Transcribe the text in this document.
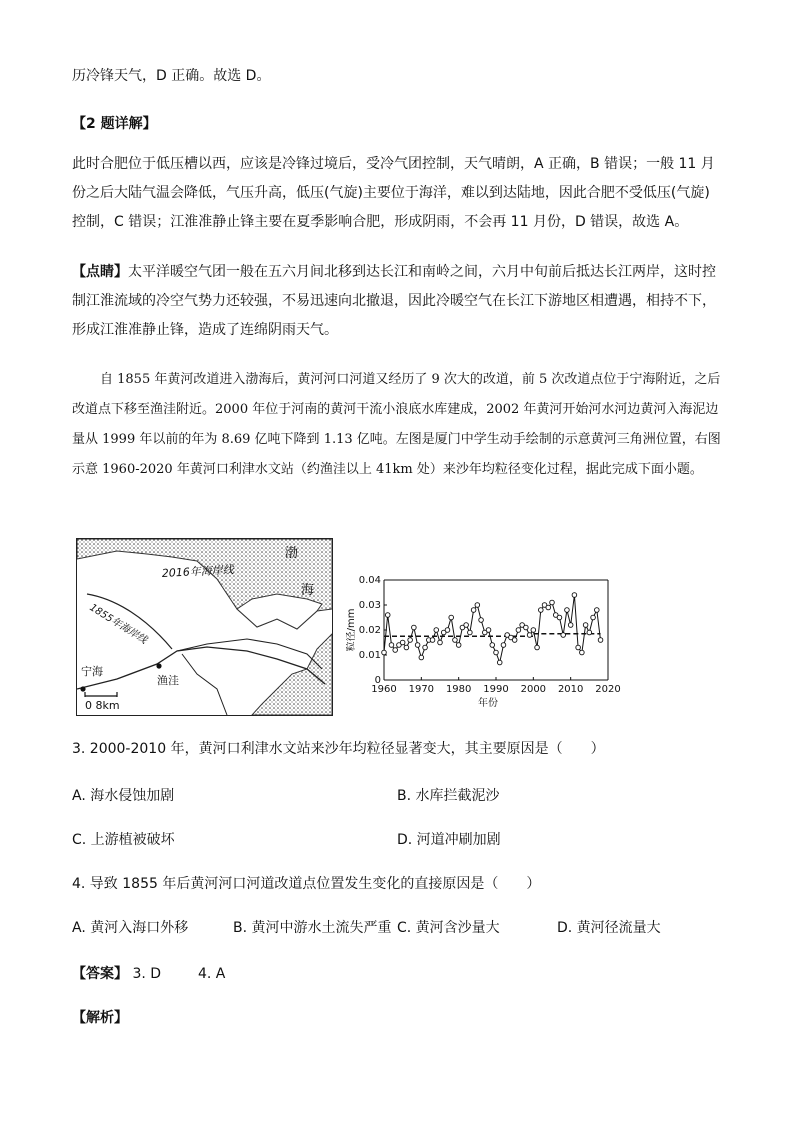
历冷锋天气，D 正确。故选 D。
【2 题详解】
此时合肥位于低压槽以西，应该是冷锋过境后，受冷气团控制，天气晴朗，A 正确，B 错误；一般 11 月份之后大陆气温会降低，气压升高，低压(气旋)主要位于海洋，难以到达陆地，因此合肥不受低压(气旋)控制，C 错误；江淮准静止锋主要在夏季影响合肥，形成阴雨，不会再 11 月份，D 错误，故选 A。
【点睛】太平洋暖空气团一般在五六月间北移到达长江和南岭之间，六月中旬前后抵达长江两岸，这时控制江淮流域的冷空气势力还较强，不易迅速向北撤退，因此冷暖空气在长江下游地区相遭遇，相持不下，形成江淮准静止锋，造成了连绵阴雨天气。
自 1855 年黄河改道进入渤海后，黄河河口河道又经历了 9 次大的改道，前 5 次改道点位于宁海附近，之后改道点下移至渔洼附近。2000 年位于河南的黄河干流小浪底水库建成，2002 年黄河开始河水河边黄河入海泥边量从 1999 年以前的年为 8.69 亿吨下降到 1.13 亿吨。左图是厦门中学生动手绘制的示意黄河三角洲位置，右图示意 1960-2020 年黄河口利津水文站（约渔洼以上 41km 处）来沙年均粒径变化过程，据此完成下面小题。
渤
海
2016年海岸线
1855年海岸线
宁海
渔洼
0 8km
1960 1970 1980 1990 2000 2010 2020
0
0.01
0.02
0.03
0.04
粒径/mm
年份
3. 2000-2010 年，黄河口利津水文站来沙年均粒径显著变大，其主要原因是（　　）
A. 海水侵蚀加剧	B. 水库拦截泥沙
C. 上游植被破坏	D. 河道冲刷加剧
4. 导致 1855 年后黄河河口河道改道点位置发生变化的直接原因是（　　）
A. 黄河入海口外移	B. 黄河中游水土流失严重 C. 黄河含沙量大	D. 黄河径流量大
【答案】 3. D	4. A
【解析】
